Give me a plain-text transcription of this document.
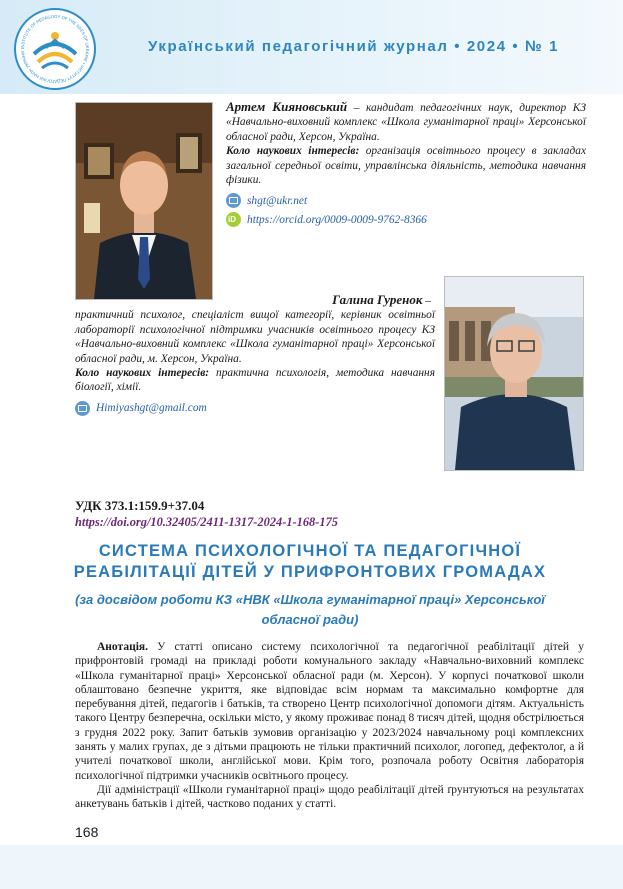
INSTITUTE OF PEDAGOGY OF THE NAES OF UKRAINE • ІНСТИТУТ ПЕДАГОГІКИ НАПН УКРАЇНИ	Український педагогічний журнал • 2024 • № 1
Артем Кияновський – кандидат педагогічних наук, директор КЗ «Навчально-виховний комплекс «Школа гуманітарної праці» Херсонської обласної ради, Херсон, Україна.
Коло наукових інтересів: організація освітнього процесу в закладах загальної середньої освіти, управлінська діяльність, методика навчання фізики.
shgt@ukr.net
iD
https://orcid.org/0009-0009-9762-8366
Галина Гуренок –
практичний психолог, спеціаліст вищої категорії, керівник освітньої лабораторії психологічної підтримки учасників освітнього процесу КЗ «Навчально-виховний комплекс «Школа гуманітарної праці» Херсонської обласної ради, м. Херсон, Україна.
Коло наукових інтересів: практична психологія, методика навчання біології, хімії.
Himiyashgt@gmail.com
УДК 373.1:159.9+37.04
https://doi.org/10.32405/2411-1317-2024-1-168-175
СИСТЕМА ПСИХОЛОГІЧНОЇ ТА ПЕДАГОГІЧНОЇ РЕАБІЛІТАЦІЇ ДІТЕЙ У ПРИФРОНТОВИХ ГРОМАДАХ
(за досвідом роботи КЗ «НВК «Школа гуманітарної праці» Херсонської обласної ради)

Анотація. У статті описано систему психологічної та педагогічної реабілітації дітей у прифронтовій громаді на прикладі роботи комунального закладу «Навчально-виховний комплекс «Школа гуманітарної праці» Херсонської обласної ради (м. Херсон). У корпусі початкової школи облаштовано безпечне укриття, яке відповідає всім нормам та максимально комфортне для перебування дітей, педагогів і батьків, та створено Центр психологічної допомоги дітям. Актуальність такого Центру безперечна, оскільки місто, у якому проживає понад 8 тисяч дітей, щодня обстрілюється з грудня 2022 року. Запит батьків зумовив організацію у 2023/2024 навчальному році комплексних занять у малих групах, де з дітьми працюють не тільки практичний психолог, логопед, дефектолог, а й учителі початкової школи, англійської мови. Крім того, розпочала роботу Освітня лабораторія психологічної підтримки учасників освітнього процесу.

Дії адміністрації «Школи гуманітарної праці» щодо реабілітації дітей ґрунтуються на результатах анкетувань батьків і дітей, частково поданих у статті.

168
